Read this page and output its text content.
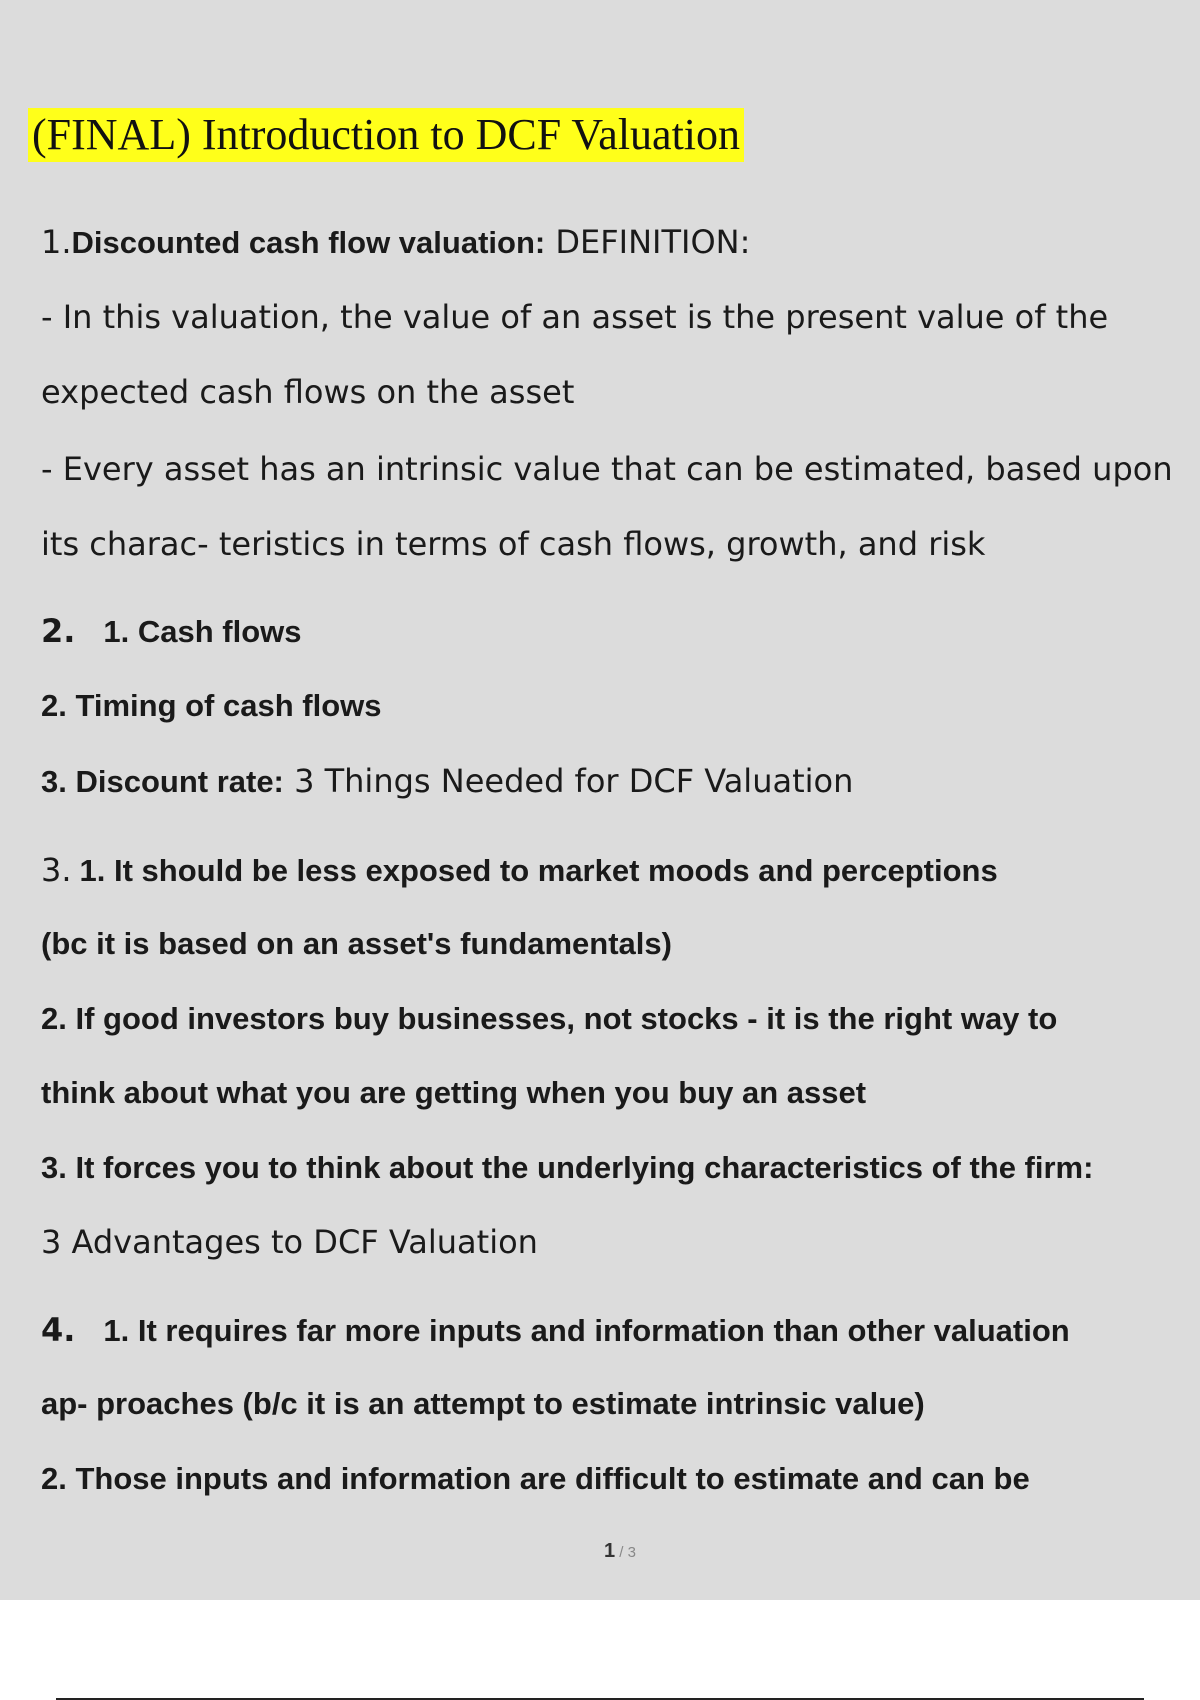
(FINAL) Introduction to DCF Valuation
1.Discounted cash flow valuation: DEFINITION:
- In this valuation, the value of an asset is the present value of the
expected cash flows on the asset
- Every asset has an intrinsic value that can be estimated, based upon
its charac- teristics in terms of cash flows, growth, and risk
2. 1. Cash flows
2. Timing of cash flows
3. Discount rate: 3 Things Needed for DCF Valuation
3. 1. It should be less exposed to market moods and perceptions
(bc it is based on an asset's fundamentals)
2. If good investors buy businesses, not stocks - it is the right way to
think about what you are getting when you buy an asset
3. It forces you to think about the underlying characteristics of the firm:
3 Advantages to DCF Valuation
4. 1. It requires far more inputs and information than other valuation
ap- proaches (b/c it is an attempt to estimate intrinsic value)
2. Those inputs and information are difficult to estimate and can be
1 / 3
